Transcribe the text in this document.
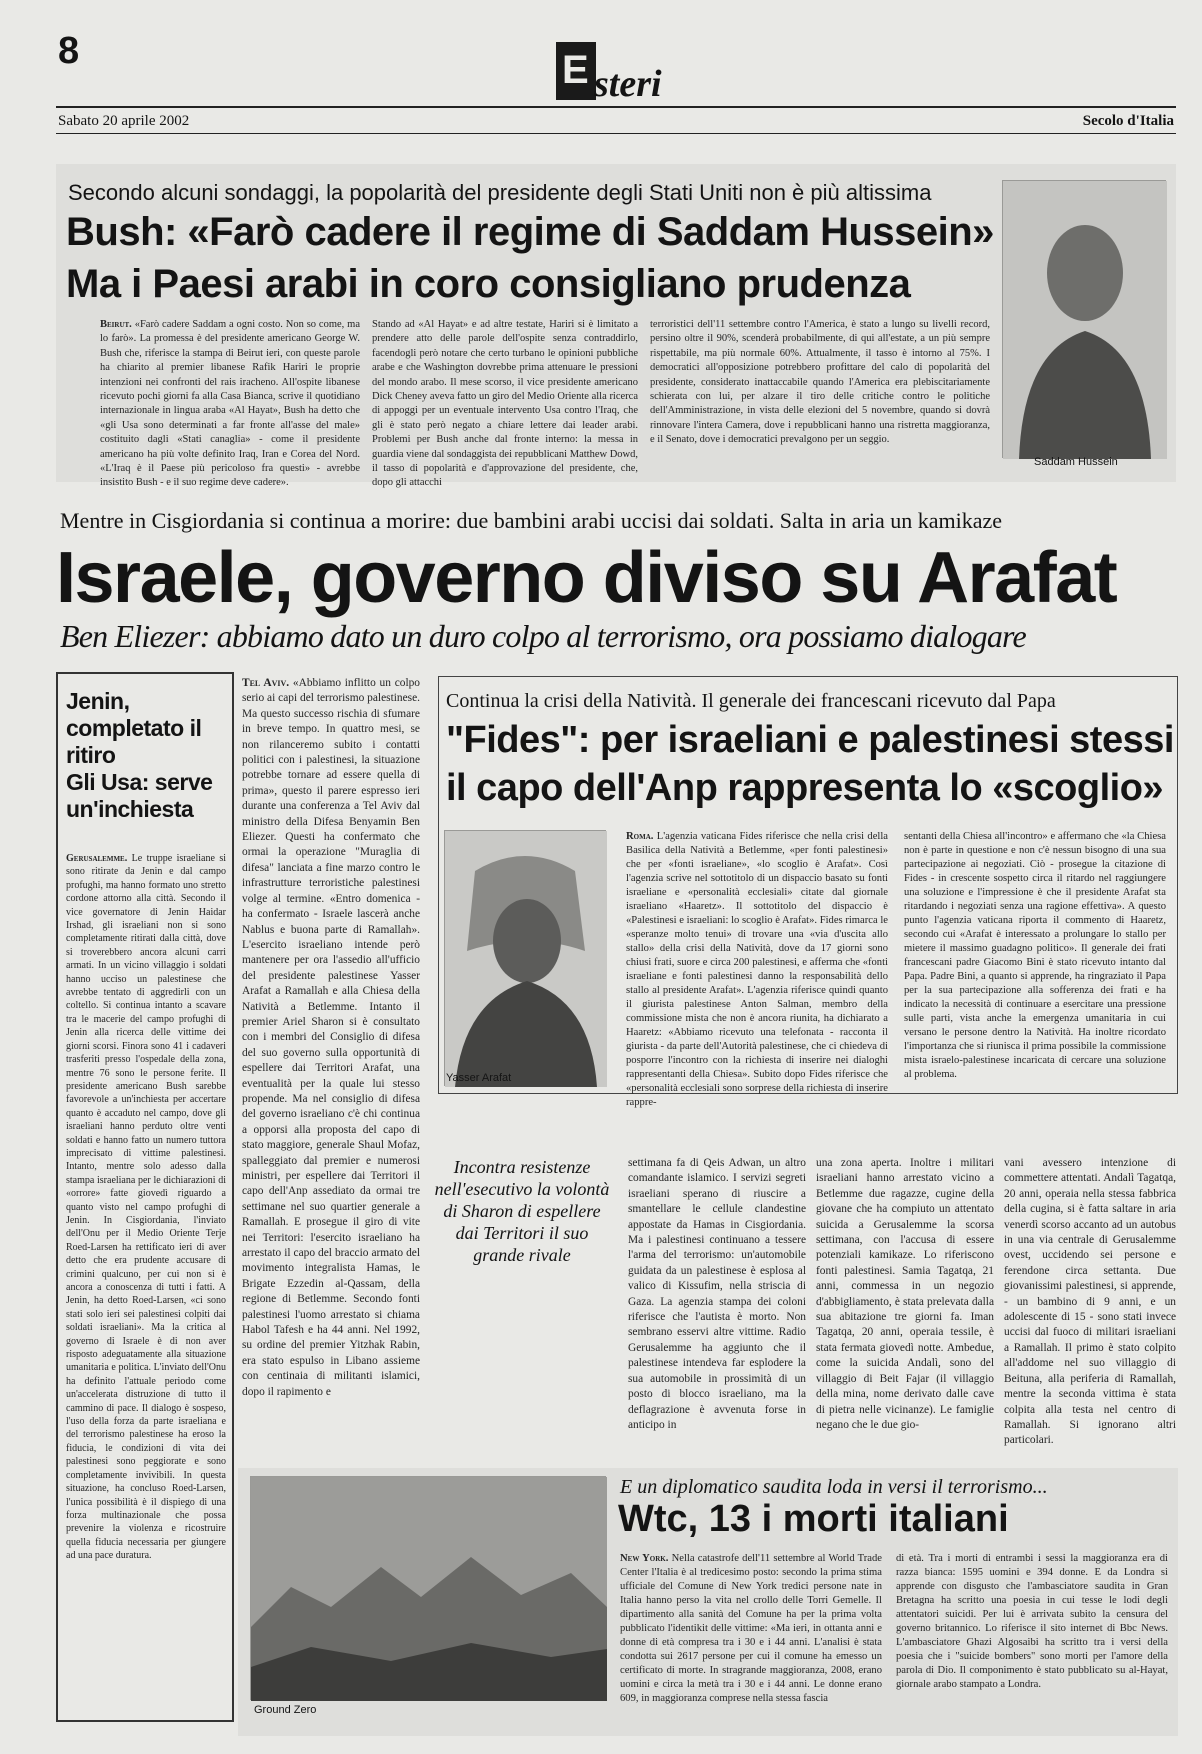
8
steri
E
Sabato 20 aprile 2002	Secolo d'Italia
Secondo alcuni sondaggi, la popolarità del presidente degli Stati Uniti non è più altissima
Bush: «Farò cadere il regime di Saddam Hussein»
Ma i Paesi arabi in coro consigliano prudenza
Saddam Hussein
Beirut. «Farò cadere Saddam a ogni costo. Non so come, ma lo farò». La promessa è del presidente americano George W. Bush che, riferisce la stampa di Beirut ieri, con queste parole ha chiarito al premier libanese Rafik Hariri le proprie intenzioni nei confronti del rais iracheno. All'ospite libanese ricevuto pochi giorni fa alla Casa Bianca, scrive il quotidiano internazionale in lingua araba «Al Hayat», Bush ha detto che «gli Usa sono determinati a far fronte all'asse del male» costituito dagli «Stati canaglia» - come il presidente americano ha più volte definito Iraq, Iran e Corea del Nord. «L'Iraq è il Paese più pericoloso fra questi» - avrebbe insistito Bush - e il suo regime deve cadere».
Stando ad «Al Hayat» e ad altre testate, Hariri si è limitato a prendere atto delle parole dell'ospite senza contraddirlo, facendogli però notare che certo turbano le opinioni pubbliche arabe e che Washington dovrebbe prima attenuare le pressioni del mondo arabo. Il mese scorso, il vice presidente americano Dick Cheney aveva fatto un giro del Medio Oriente alla ricerca di appoggi per un eventuale intervento Usa contro l'Iraq, che gli è stato però negato a chiare lettere dai leader arabi. Problemi per Bush anche dal fronte interno: la messa in guardia viene dal sondaggista dei repubblicani Matthew Dowd, il tasso di popolarità e d'approvazione del presidente, che, dopo gli attacchi
terroristici dell'11 settembre contro l'America, è stato a lungo su livelli record, persino oltre il 90%, scenderà probabilmente, di qui all'estate, a un più sempre rispettabile, ma più normale 60%. Attualmente, il tasso è intorno al 75%. I democratici all'opposizione potrebbero profittare del calo di popolarità del presidente, considerato inattaccabile quando l'America era plebiscitariamente schierata con lui, per alzare il tiro delle critiche contro le politiche dell'Amministrazione, in vista delle elezioni del 5 novembre, quando si dovrà rinnovare l'intera Camera, dove i repubblicani hanno una ristretta maggioranza, e il Senato, dove i democratici prevalgono per un seggio.
Mentre in Cisgiordania si continua a morire: due bambini arabi uccisi dai soldati. Salta in aria un kamikaze
Israele, governo diviso su Arafat
Ben Eliezer: abbiamo dato un duro colpo al terrorismo, ora possiamo dialogare
Jenin, completato il ritiro
Gli Usa: serve un'inchiesta
Gerusalemme. Le truppe israeliane si sono ritirate da Jenin e dal campo profughi, ma hanno formato uno stretto cordone attorno alla città. Secondo il vice governatore di Jenin Haidar Irshad, gli israeliani non si sono completamente ritirati dalla città, dove si troverebbero ancora alcuni carri armati. In un vicino villaggio i soldati hanno ucciso un palestinese che avrebbe tentato di aggredirli con un coltello. Si continua intanto a scavare tra le macerie del campo profughi di Jenin alla ricerca delle vittime dei giorni scorsi. Finora sono 41 i cadaveri trasferiti presso l'ospedale della zona, mentre 76 sono le persone ferite. Il presidente americano Bush sarebbe favorevole a un'inchiesta per accertare quanto è accaduto nel campo, dove gli israeliani hanno perduto oltre venti soldati e hanno fatto un numero tuttora imprecisato di vittime palestinesi. Intanto, mentre solo adesso dalla stampa israeliana per le dichiarazioni di «orrore» fatte giovedì riguardo a quanto visto nel campo profughi di Jenin. In Cisgiordania, l'inviato dell'Onu per il Medio Oriente Terje Roed-Larsen ha rettificato ieri di aver detto che era prudente accusare di crimini qualcuno, per cui non si è ancora a conoscenza di tutti i fatti. A Jenin, ha detto Roed-Larsen, «ci sono stati solo ieri sei palestinesi colpiti dai soldati israeliani». Ma la critica al governo di Israele è di non aver risposto adeguatamente alla situazione umanitaria e politica. L'inviato dell'Onu ha definito l'attuale periodo come un'accelerata distruzione di tutto il cammino di pace. Il dialogo è sospeso, l'uso della forza da parte israeliana e del terrorismo palestinese ha eroso la fiducia, le condizioni di vita dei palestinesi sono peggiorate e sono completamente invivibili. In questa situazione, ha concluso Roed-Larsen, l'unica possibilità è il dispiego di una forza multinazionale che possa prevenire la violenza e ricostruire quella fiducia necessaria per giungere ad una pace duratura.
Tel Aviv. «Abbiamo inflitto un colpo serio ai capi del terrorismo palestinese. Ma questo successo rischia di sfumare in breve tempo. In quattro mesi, se non rilanceremo subito i contatti politici con i palestinesi, la situazione potrebbe tornare ad essere quella di prima», questo il parere espresso ieri durante una conferenza a Tel Aviv dal ministro della Difesa Benyamin Ben Eliezer. Questi ha confermato che ormai la operazione "Muraglia di difesa" lanciata a fine marzo contro le infrastrutture terroristiche palestinesi volge al termine. «Entro domenica - ha confermato - Israele lascerà anche Nablus e buona parte di Ramallah». L'esercito israeliano intende però mantenere per ora l'assedio all'ufficio del presidente palestinese Yasser Arafat a Ramallah e alla Chiesa della Natività a Betlemme. Intanto il premier Ariel Sharon si è consultato con i membri del Consiglio di difesa del suo governo sulla opportunità di espellere dai Territori Arafat, una eventualità per la quale lui stesso propende. Ma nel consiglio di difesa del governo israeliano c'è chi continua a opporsi alla proposta del capo di stato maggiore, generale Shaul Mofaz, spalleggiato dal premier e numerosi ministri, per espellere dai Territori il capo dell'Anp assediato da ormai tre settimane nel suo quartier generale a Ramallah. E prosegue il giro di vite nei Territori: l'esercito israeliano ha arrestato il capo del braccio armato del movimento integralista Hamas, le Brigate Ezzedin al-Qassam, della regione di Betlemme. Secondo fonti palestinesi l'uomo arrestato si chiama Habol Tafesh e ha 44 anni. Nel 1992, su ordine del premier Yitzhak Rabin, era stato espulso in Libano assieme con centinaia di militanti islamici, dopo il rapimento e
Continua la crisi della Natività. Il generale dei francescani ricevuto dal Papa
"Fides": per israeliani e palestinesi stessi
il capo dell'Anp rappresenta lo «scoglio»
Yasser Arafat
Roma. L'agenzia vaticana Fides riferisce che nella crisi della Basilica della Natività a Betlemme, «per fonti palestinesi» che per «fonti israeliane», «lo scoglio è Arafat». Così l'agenzia scrive nel sottotitolo di un dispaccio basato su fonti israeliane e «personalità ecclesiali» citate dal giornale israeliano «Haaretz». Il sottotitolo del dispaccio è «Palestinesi e israeliani: lo scoglio è Arafat». Fides rimarca le «speranze molto tenui» di trovare una «via d'uscita allo stallo» della crisi della Natività, dove da 17 giorni sono chiusi frati, suore e circa 200 palestinesi, e afferma che «fonti israeliane e fonti palestinesi danno la responsabilità dello stallo al presidente Arafat». L'agenzia riferisce quindi quanto il giurista palestinese Anton Salman, membro della commissione mista che non è ancora riunita, ha dichiarato a Haaretz: «Abbiamo ricevuto una telefonata - racconta il giurista - da parte dell'Autorità palestinese, che ci chiedeva di posporre l'incontro con la richiesta di inserire nei dialoghi rappresentanti della Chiesa». Subito dopo Fides riferisce che «personalità ecclesiali sono sorprese della richiesta di inserire rappre-
sentanti della Chiesa all'incontro» e affermano che «la Chiesa non è parte in questione e non c'è nessun bisogno di una sua partecipazione ai negoziati. Ciò - prosegue la citazione di Fides - in crescente sospetto circa il ritardo nel raggiungere una soluzione e l'impressione è che il presidente Arafat sta ritardando i negoziati senza una ragione effettiva». A questo punto l'agenzia vaticana riporta il commento di Haaretz, secondo cui «Arafat è interessato a prolungare lo stallo per mietere il massimo guadagno politico». Il generale dei frati francescani padre Giacomo Bini è stato ricevuto intanto dal Papa. Padre Bini, a quanto si apprende, ha ringraziato il Papa per la sua partecipazione alla sofferenza dei frati e ha indicato la necessità di continuare a esercitare una pressione sulle parti, vista anche la emergenza umanitaria in cui versano le persone dentro la Natività. Ha inoltre ricordato l'importanza che si riunisca il prima possibile la commissione mista israelo-palestinese incaricata di cercare una soluzione al problema.
Incontra resistenze nell'esecutivo la volontà di Sharon di espellere dai Territori il suo grande rivale
settimana fa di Qeis Adwan, un altro comandante islamico. I servizi segreti israeliani sperano di riuscire a smantellare le cellule clandestine appostate da Hamas in Cisgiordania. Ma i palestinesi continuano a tessere l'arma del terrorismo: un'automobile guidata da un palestinese è esplosa al valico di Kissufim, nella striscia di Gaza. La agenzia stampa dei coloni riferisce che l'autista è morto. Non sembrano esservi altre vittime. Radio Gerusalemme ha aggiunto che il palestinese intendeva far esplodere la sua automobile in prossimità di un posto di blocco israeliano, ma la deflagrazione è avvenuta forse in anticipo in
una zona aperta. Inoltre i militari israeliani hanno arrestato vicino a Betlemme due ragazze, cugine della giovane che ha compiuto un attentato suicida a Gerusalemme la scorsa settimana, con l'accusa di essere potenziali kamikaze. Lo riferiscono fonti palestinesi. Samia Tagatqa, 21 anni, commessa in un negozio d'abbigliamento, è stata prelevata dalla sua abitazione tre giorni fa. Iman Tagatqa, 20 anni, operaia tessile, è stata fermata giovedì notte. Ambedue, come la suicida Andalì, sono del villaggio di Beit Fajar (il villaggio della mina, nome derivato dalle cave di pietra nelle vicinanze). Le famiglie negano che le due gio-
vani avessero intenzione di commettere attentati. Andalì Tagatqa, 20 anni, operaia nella stessa fabbrica della cugina, si è fatta saltare in aria venerdì scorso accanto ad un autobus in una via centrale di Gerusalemme ovest, uccidendo sei persone e ferendone circa settanta. Due giovanissimi palestinesi, si apprende, - un bambino di 9 anni, e un adolescente di 15 - sono stati invece uccisi dal fuoco di militari israeliani a Ramallah. Il primo è stato colpito all'addome nel suo villaggio di Beituna, alla periferia di Ramallah, mentre la seconda vittima è stata colpita alla testa nel centro di Ramallah. Si ignorano altri particolari.
Ground Zero
E un diplomatico saudita loda in versi il terrorismo...
Wtc, 13 i morti italiani
New York. Nella catastrofe dell'11 settembre al World Trade Center l'Italia è al tredicesimo posto: secondo la prima stima ufficiale del Comune di New York tredici persone nate in Italia hanno perso la vita nel crollo delle Torri Gemelle. Il dipartimento alla sanità del Comune ha per la prima volta pubblicato l'identikit delle vittime: «Ma ieri, in ottanta anni e donne di età compresa tra i 30 e i 44 anni. L'analisi è stata condotta sui 2617 persone per cui il comune ha emesso un certificato di morte. In stragrande maggioranza, 2008, erano uomini e circa la metà tra i 30 e i 44 anni. Le donne erano 609, in maggioranza comprese nella stessa fascia
di età. Tra i morti di entrambi i sessi la maggioranza era di razza bianca: 1595 uomini e 394 donne. E da Londra si apprende con disgusto che l'ambasciatore saudita in Gran Bretagna ha scritto una poesia in cui tesse le lodi degli attentatori suicidi. Per lui è arrivata subito la censura del governo britannico. Lo riferisce il sito internet di Bbc News. L'ambasciatore Ghazi Algosaibi ha scritto tra i versi della poesia che i "suicide bombers" sono morti per l'amore della parola di Dio. Il componimento è stato pubblicato su al-Hayat, giornale arabo stampato a Londra.
